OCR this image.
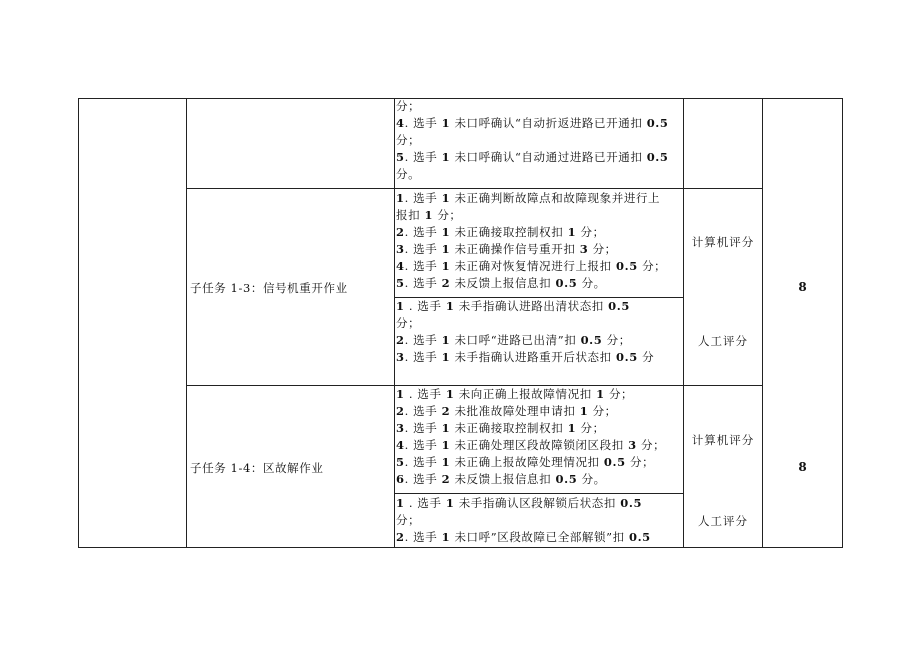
分；
4. 选手 1 未口呼确认“自动折返进路已开通扣 0.5
分；
5. 选手 1 未口呼确认“自动通过进路已开通扣 0.5
分。
子任务 1-3：信号机重开作业
1. 选手 1 未正确判断故障点和故障现象并进行上
报扣 1 分；
2. 选手 1 未正确接取控制权扣 1 分；
3. 选手 1 未正确操作信号重开扣 3 分；
4. 选手 1 未正确对恢复情况进行上报扣 0.5 分；
5. 选手 2 未反馈上报信息扣 0.5 分。
计算机评分
1 . 选手 1 未手指确认进路出清状态扣 0.5
分；
2. 选手 1 未口呼“进路已出清”扣 0.5 分；
3. 选手 1 未手指确认进路重开后状态扣 0.5 分
人工评分
8
子任务 1-4：区故解作业
1 . 选手 1 未向正确上报故障情况扣 1 分；
2. 选手 2 未批准故障处理申请扣 1 分；
3. 选手 1 未正确接取控制权扣 1 分；
4. 选手 1 未正确处理区段故障锁闭区段扣 3 分；
5. 选手 1 未正确上报故障处理情况扣 0.5 分；
6. 选手 2 未反馈上报信息扣 0.5 分。
计算机评分
1 . 选手 1 未手指确认区段解锁后状态扣 0.5
分；
2. 选手 1 未口呼”区段故障已全部解锁”扣 0.5
人工评分
8
